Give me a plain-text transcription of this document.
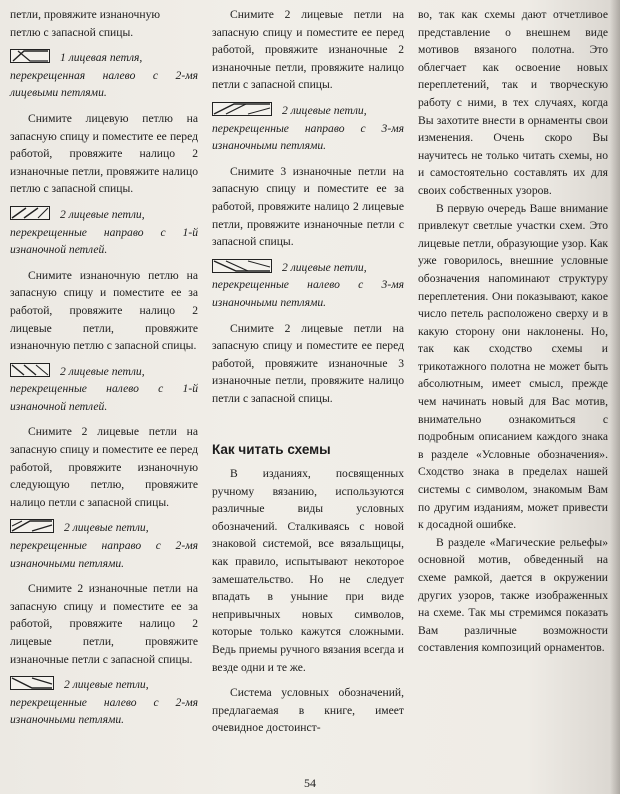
петли, провяжите изнаночную

петлю с запасной спицы.

1 лицевая петля,

перекрещенная налево с 2-мя лицевыми петлями.

Снимите лицевую петлю на запасную спицу и поместите ее перед работой, провяжите налицо 2 изнаночные петли, провяжите налицо петлю с запасной спицы.

2 лицевые петли,

перекрещенные направо с 1-й изнаночной петлей.

Снимите изнаночную петлю на запасную спицу и поместите ее за работой, провяжите налицо 2 лицевые петли, провяжите изнаночную петлю с запасной спицы.

2 лицевые петли,

перекрещенные налево с 1-й изнаночной петлей.

Снимите 2 лицевые петли на запасную спицу и поместите ее перед работой, провяжите изнаночную следующую петлю, провяжите налицо петли с запасной спицы.

2 лицевые петли,

перекрещенные направо с 2-мя изнаночными петлями.

Снимите 2 изнаночные петли на запасную спицу и поместите ее за работой, провяжите налицо 2 лицевые петли, провяжите изнаночные петли с запасной спицы.

2 лицевые петли,

перекрещенные налево с 2-мя изнаночными петлями.

Снимите 2 лицевые петли на запасную спицу и поместите ее перед работой, провяжите изнаночные 2 изнаночные петли, провяжите налицо петли с запасной спицы.

2 лицевые петли,

перекрещенные направо с 3-мя изнаночными петлями.

Снимите 3 изнаночные петли на запасную спицу и поместите ее за работой, провяжите налицо 2 лицевые петли, провяжите изнаночные петли с запасной спицы.

2 лицевые петли,

перекрещенные налево с 3-мя изнаночными петлями.

Снимите 2 лицевые петли на запасную спицу и поместите ее перед работой, провяжите изнаночные 3 изнаночные петли, провяжите налицо петли с запасной спицы.

Как читать схемы

В изданиях, посвященных ручному вязанию, используются различные виды условных обозначений. Сталкиваясь с новой знаковой системой, все вязальщицы, как правило, испытывают некоторое замешательство. Но не следует впадать в уныние при виде непривычных новых символов, которые только кажутся сложными. Ведь приемы ручного вязания всегда и везде одни и те же.

Система условных обозначений, предлагаемая в книге, имеет очевидное достоинст-

во, так как схемы дают отчетливое представление о внешнем виде мотивов вязаного полотна. Это облегчает как освоение новых переплетений, так и творческую работу с ними, в тех случаях, когда Вы захотите внести в орнаменты свои изменения. Очень скоро Вы научитесь не только читать схемы, но и самостоятельно составлять их для своих собственных узоров.

В первую очередь Ваше внимание привлекут светлые участки схем. Это лицевые петли, образующие узор. Как уже говорилось, внешние условные обозначения напоминают структуру переплетения. Они показывают, какое число петель расположено сверху и в какую сторону они наклонены. Но, так как сходство схемы и трикотажного полотна не может быть абсолютным, имеет смысл, прежде чем начинать новый для Вас мотив, внимательно ознакомиться с подробным описанием каждого знака в разделе «Условные обозначения». Сходство знака в пределах нашей системы с символом, знакомым Вам по другим изданиям, может привести к досадной ошибке.

В разделе «Магические рельефы» основной мотив, обведенный на схеме рамкой, дается в окружении других узоров, также изображенных на схеме. Так мы стремимся показать Вам различные возможности составления композиций орнаментов.

54
